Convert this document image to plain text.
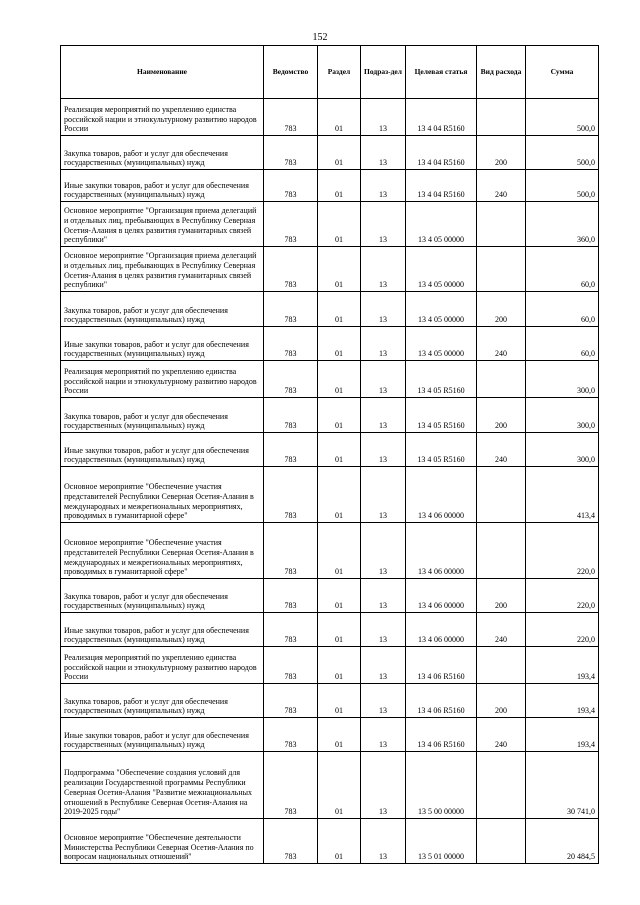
152
Наименование	Ведомство	Раздел	Подраз-дел	Целевая статья	Вид расхода	Сумма
Реализация мероприятий по укреплению единства российской нации и этнокультурному развитию народов России	783	01	13	13 4 04 R5160		500,0
Закупка товаров, работ и услуг для обеспечения государственных (муниципальных) нужд	783	01	13	13 4 04 R5160	200	500,0
Иные закупки товаров, работ и услуг для обеспечения государственных (муниципальных) нужд	783	01	13	13 4 04 R5160	240	500,0
Основное мероприятие "Организация приема делегаций и отдельных лиц, пребывающих в Республику Северная Осетия-Алания в целях развития гуманитарных связей республики"	783	01	13	13 4 05 00000		360,0
Основное мероприятие "Организация приема делегаций и отдельных лиц, пребывающих в Республику Северная Осетия-Алания в целях развития гуманитарных связей республики"	783	01	13	13 4 05 00000		60,0
Закупка товаров, работ и услуг для обеспечения государственных (муниципальных) нужд	783	01	13	13 4 05 00000	200	60,0
Иные закупки товаров, работ и услуг для обеспечения государственных (муниципальных) нужд	783	01	13	13 4 05 00000	240	60,0
Реализация мероприятий по укреплению единства российской нации и этнокультурному развитию народов России	783	01	13	13 4 05 R5160		300,0
Закупка товаров, работ и услуг для обеспечения государственных (муниципальных) нужд	783	01	13	13 4 05 R5160	200	300,0
Иные закупки товаров, работ и услуг для обеспечения государственных (муниципальных) нужд	783	01	13	13 4 05 R5160	240	300,0
Основное мероприятие "Обеспечение участия представителей Республики Северная Осетия-Алания в международных и межрегиональных мероприятиях, проводимых в гуманитарной сфере"	783	01	13	13 4 06 00000		413,4
Основное мероприятие "Обеспечение участия представителей Республики Северная Осетия-Алания в международных и межрегиональных мероприятиях, проводимых в гуманитарной сфере"	783	01	13	13 4 06 00000		220,0
Закупка товаров, работ и услуг для обеспечения государственных (муниципальных) нужд	783	01	13	13 4 06 00000	200	220,0
Иные закупки товаров, работ и услуг для обеспечения государственных (муниципальных) нужд	783	01	13	13 4 06 00000	240	220,0
Реализация мероприятий по укреплению единства российской нации и этнокультурному развитию народов России	783	01	13	13 4 06 R5160		193,4
Закупка товаров, работ и услуг для обеспечения государственных (муниципальных) нужд	783	01	13	13 4 06 R5160	200	193,4
Иные закупки товаров, работ и услуг для обеспечения государственных (муниципальных) нужд	783	01	13	13 4 06 R5160	240	193,4
Подпрограмма "Обеспечение создания условий для реализации Государственной программы Республики Северная Осетия-Алания "Развитие межнациональных отношений в Республике Северная Осетия-Алания на 2019-2025 годы"	783	01	13	13 5 00 00000		30 741,0
Основное мероприятие "Обеспечение деятельности Министерства Республики Северная Осетия-Алания по вопросам национальных отношений"	783	01	13	13 5 01 00000		20 484,5
